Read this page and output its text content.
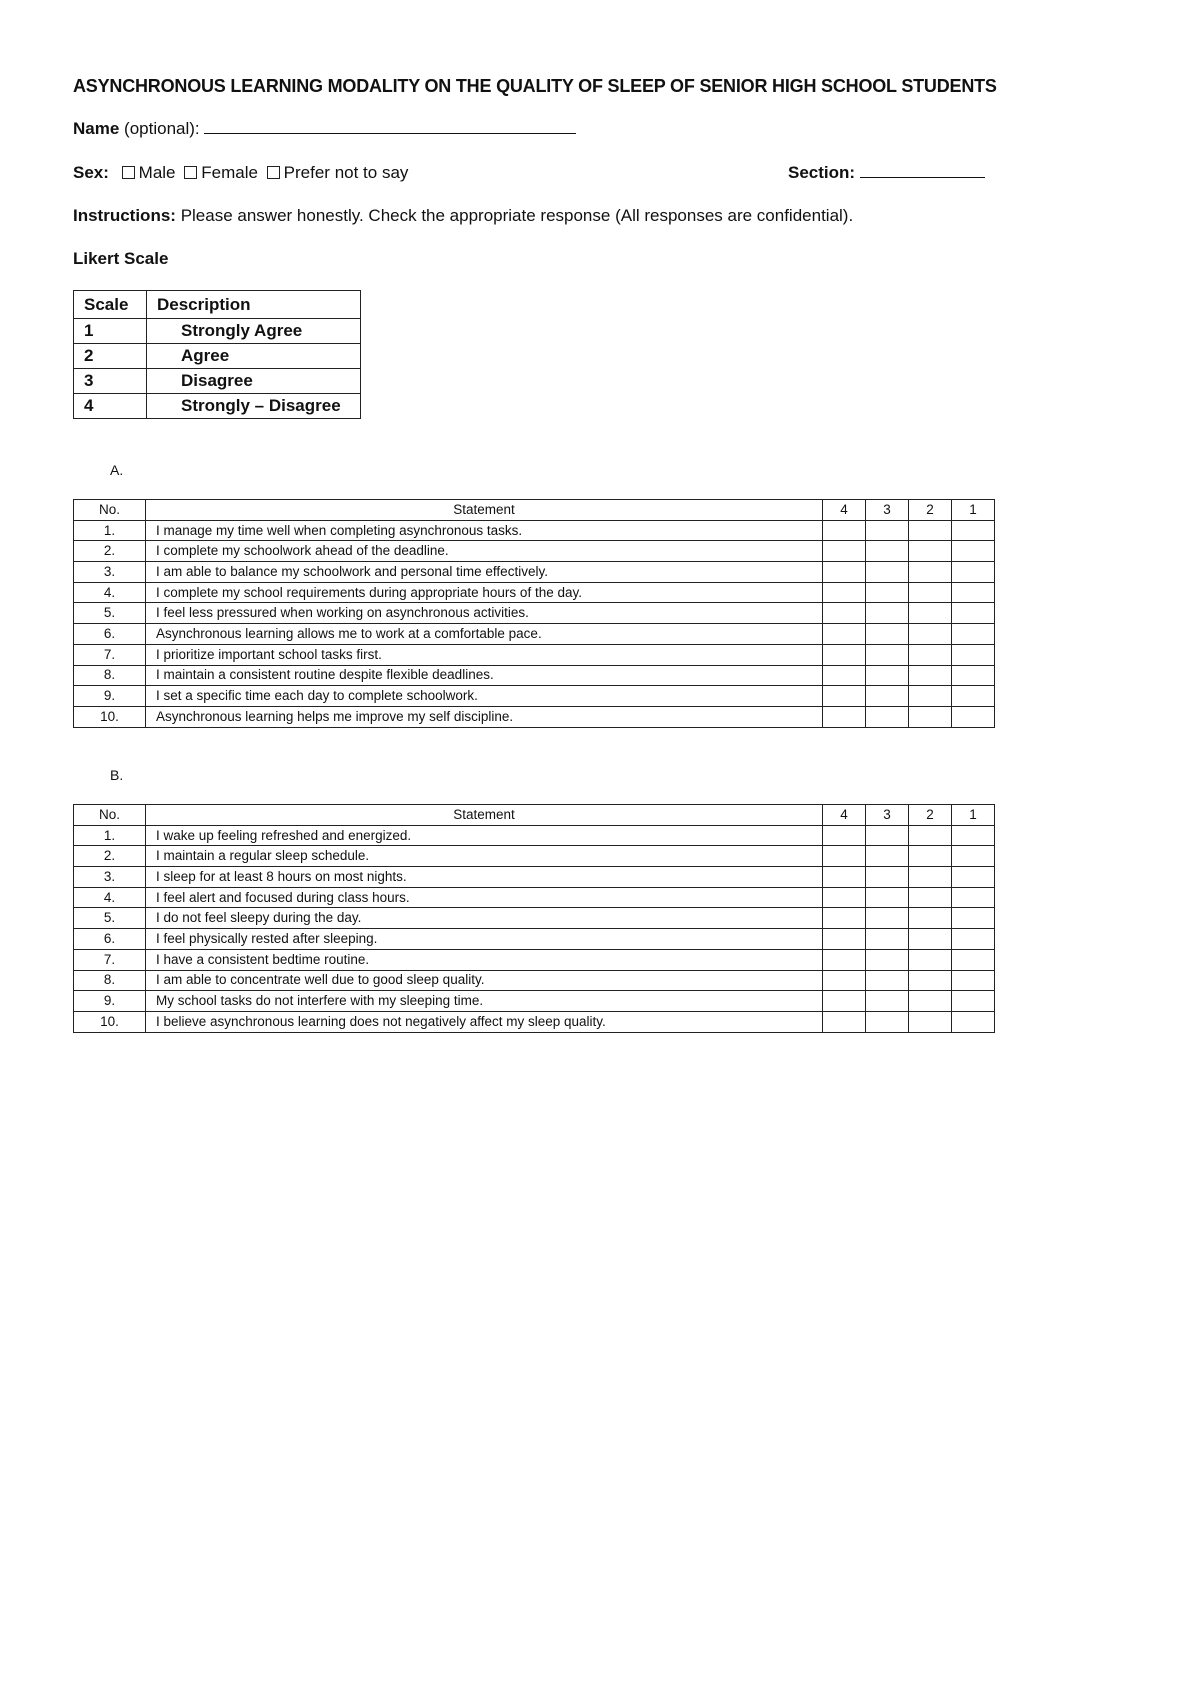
ASYNCHRONOUS LEARNING MODALITY ON THE QUALITY OF SLEEP OF SENIOR HIGH SCHOOL STUDENTS
Name (optional):
Sex: Male Female Prefer not to say	Section:
Instructions: Please answer honestly. Check the appropriate response (All responses are confidential).
Likert Scale
Scale	Description
1	Strongly Agree
2	Agree
3	Disagree
4	Strongly – Disagree
A.
No.	Statement	4	3	2	1
1.	I manage my time well when completing asynchronous tasks.				
2.	I complete my schoolwork ahead of the deadline.				
3.	I am able to balance my schoolwork and personal time effectively.				
4.	I complete my school requirements during appropriate hours of the day.				
5.	I feel less pressured when working on asynchronous activities.				
6.	Asynchronous learning allows me to work at a comfortable pace.				
7.	I prioritize important school tasks first.				
8.	I maintain a consistent routine despite flexible deadlines.				
9.	I set a specific time each day to complete schoolwork.				
10.	Asynchronous learning helps me improve my self discipline.				
B.
No.	Statement	4	3	2	1
1.	I wake up feeling refreshed and energized.				
2.	I maintain a regular sleep schedule.				
3.	I sleep for at least 8 hours on most nights.				
4.	I feel alert and focused during class hours.				
5.	I do not feel sleepy during the day.				
6.	I feel physically rested after sleeping.				
7.	I have a consistent bedtime routine.				
8.	I am able to concentrate well due to good sleep quality.				
9.	My school tasks do not interfere with my sleeping time.				
10.	I believe asynchronous learning does not negatively affect my sleep quality.				
